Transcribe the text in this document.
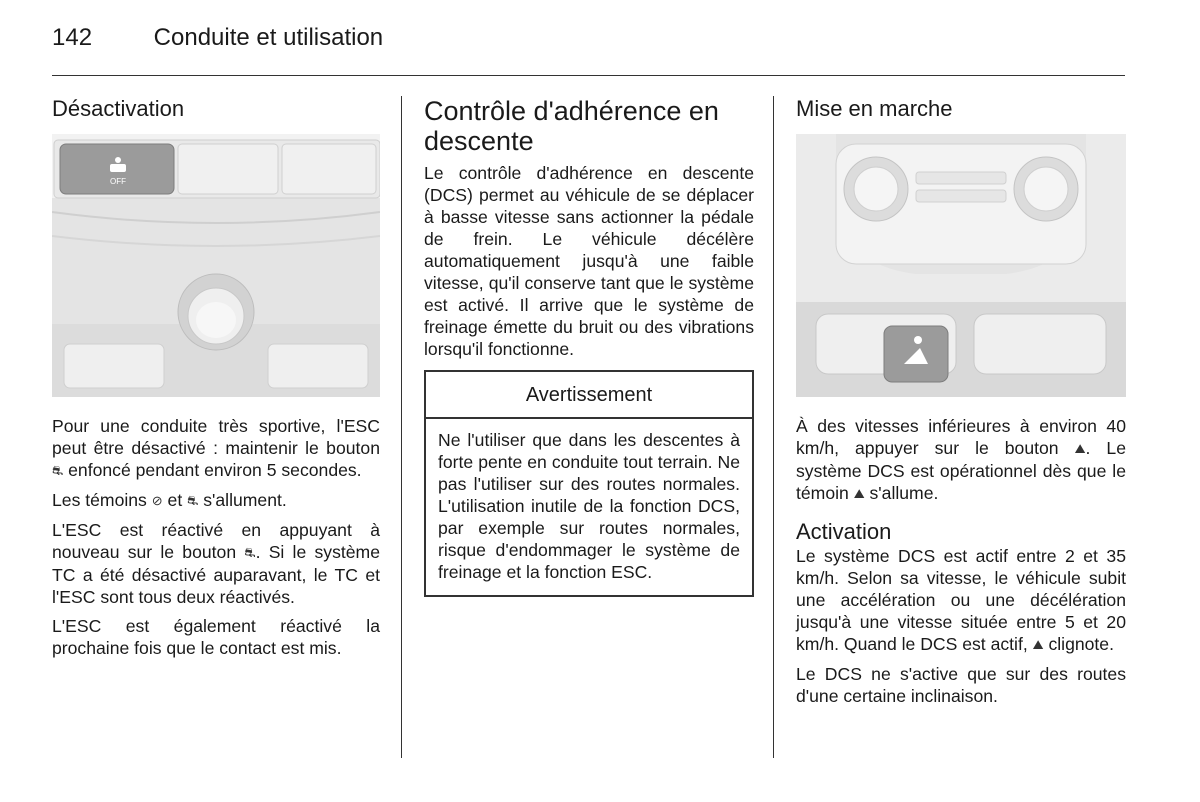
142	Conduite et utilisation
Désactivation
OFF

Pour une conduite très sportive, l'ESC peut être désactivé : maintenir le bouton ⛐ enfoncé pendant environ 5 secondes.

Les témoins ⊘ et ⛐ s'allument.

L'ESC est réactivé en appuyant à nouveau sur le bouton ⛐. Si le système TC a été désactivé auparavant, le TC et l'ESC sont tous deux réactivés.

L'ESC est également réactivé la prochaine fois que le contact est mis.

Contrôle d'adhérence en descente

Le contrôle d'adhérence en descente (DCS) permet au véhicule de se déplacer à basse vitesse sans actionner la pédale de frein. Le véhicule décélère automatiquement jusqu'à une faible vitesse, qu'il conserve tant que le système est activé. Il arrive que le système de freinage émette du bruit ou des vibrations lorsqu'il fonctionne.

Avertissement

Ne l'utiliser que dans les descentes à forte pente en conduite tout terrain. Ne pas l'utiliser sur des routes normales. L'utilisation inutile de la fonction DCS, par exemple sur routes normales, risque d'endommager le système de freinage et la fonction ESC.

Mise en marche

À des vitesses inférieures à environ 40 km/h, appuyer sur le bouton ⛰. Le système DCS est opérationnel dès que le témoin ⛰ s'allume.

Activation

Le système DCS est actif entre 2 et 35 km/h. Selon sa vitesse, le véhicule subit une accélération ou une décélération jusqu'à une vitesse située entre 5 et 20 km/h. Quand le DCS est actif, ⛰ clignote.

Le DCS ne s'active que sur des routes d'une certaine inclinaison.
